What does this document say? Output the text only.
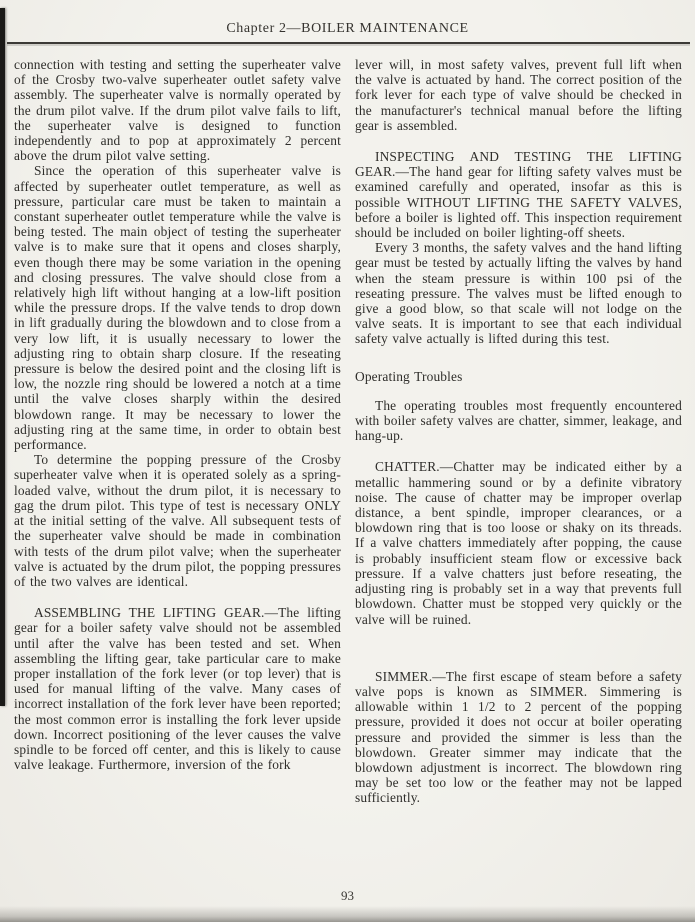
Chapter 2—BOILER MAINTENANCE

connection with testing and setting the superheater valve of the Crosby two-valve superheater outlet safety valve assembly. The superheater valve is normally operated by the drum pilot valve. If the drum pilot valve fails to lift, the superheater valve is designed to function independently and to pop at approximately 2 percent above the drum pilot valve setting.

Since the operation of this superheater valve is affected by superheater outlet temperature, as well as pressure, particular care must be taken to maintain a constant superheater outlet temperature while the valve is being tested. The main object of testing the superheater valve is to make sure that it opens and closes sharply, even though there may be some variation in the opening and closing pressures. The valve should close from a relatively high lift without hanging at a low-lift position while the pressure drops. If the valve tends to drop down in lift gradually during the blowdown and to close from a very low lift, it is usually necessary to lower the adjusting ring to obtain sharp closure. If the reseating pressure is below the desired point and the closing lift is low, the nozzle ring should be lowered a notch at a time until the valve closes sharply within the desired blowdown range. It may be necessary to lower the adjusting ring at the same time, in order to obtain best performance.

To determine the popping pressure of the Crosby superheater valve when it is operated solely as a spring-loaded valve, without the drum pilot, it is necessary to gag the drum pilot. This type of test is necessary ONLY at the initial setting of the valve. All subsequent tests of the superheater valve should be made in combination with tests of the drum pilot valve; when the superheater valve is actuated by the drum pilot, the popping pressures of the two valves are identical.

ASSEMBLING THE LIFTING GEAR.—The lifting gear for a boiler safety valve should not be assembled until after the valve has been tested and set. When assembling the lifting gear, take particular care to make proper installation of the fork lever (or top lever) that is used for manual lifting of the valve. Many cases of incorrect installation of the fork lever have been reported; the most common error is installing the fork lever upside down. Incorrect positioning of the lever causes the valve spindle to be forced off center, and this is likely to cause valve leakage. Furthermore, inversion of the fork

lever will, in most safety valves, prevent full lift when the valve is actuated by hand. The correct position of the fork lever for each type of valve should be checked in the manufacturer's technical manual before the lifting gear is assembled.

INSPECTING AND TESTING THE LIFTING GEAR.—The hand gear for lifting safety valves must be examined carefully and operated, insofar as this is possible WITHOUT LIFTING THE SAFETY VALVES, before a boiler is lighted off. This inspection requirement should be included on boiler lighting-off sheets.

Every 3 months, the safety valves and the hand lifting gear must be tested by actually lifting the valves by hand when the steam pressure is within 100 psi of the reseating pressure. The valves must be lifted enough to give a good blow, so that scale will not lodge on the valve seats. It is important to see that each individual safety valve actually is lifted during this test.

Operating Troubles

The operating troubles most frequently encountered with boiler safety valves are chatter, simmer, leakage, and hang-up.

CHATTER.—Chatter may be indicated either by a metallic hammering sound or by a definite vibratory noise. The cause of chatter may be improper overlap distance, a bent spindle, improper clearances, or a blowdown ring that is too loose or shaky on its threads. If a valve chatters immediately after popping, the cause is probably insufficient steam flow or excessive back pressure. If a valve chatters just before reseating, the adjusting ring is probably set in a way that prevents full blowdown. Chatter must be stopped very quickly or the valve will be ruined.

SIMMER.—The first escape of steam before a safety valve pops is known as SIMMER. Simmering is allowable within 1 1/2 to 2 percent of the popping pressure, provided it does not occur at boiler operating pressure and provided the simmer is less than the blowdown. Greater simmer may indicate that the blowdown adjustment is incorrect. The blowdown ring may be set too low or the feather may not be lapped sufficiently.

93
